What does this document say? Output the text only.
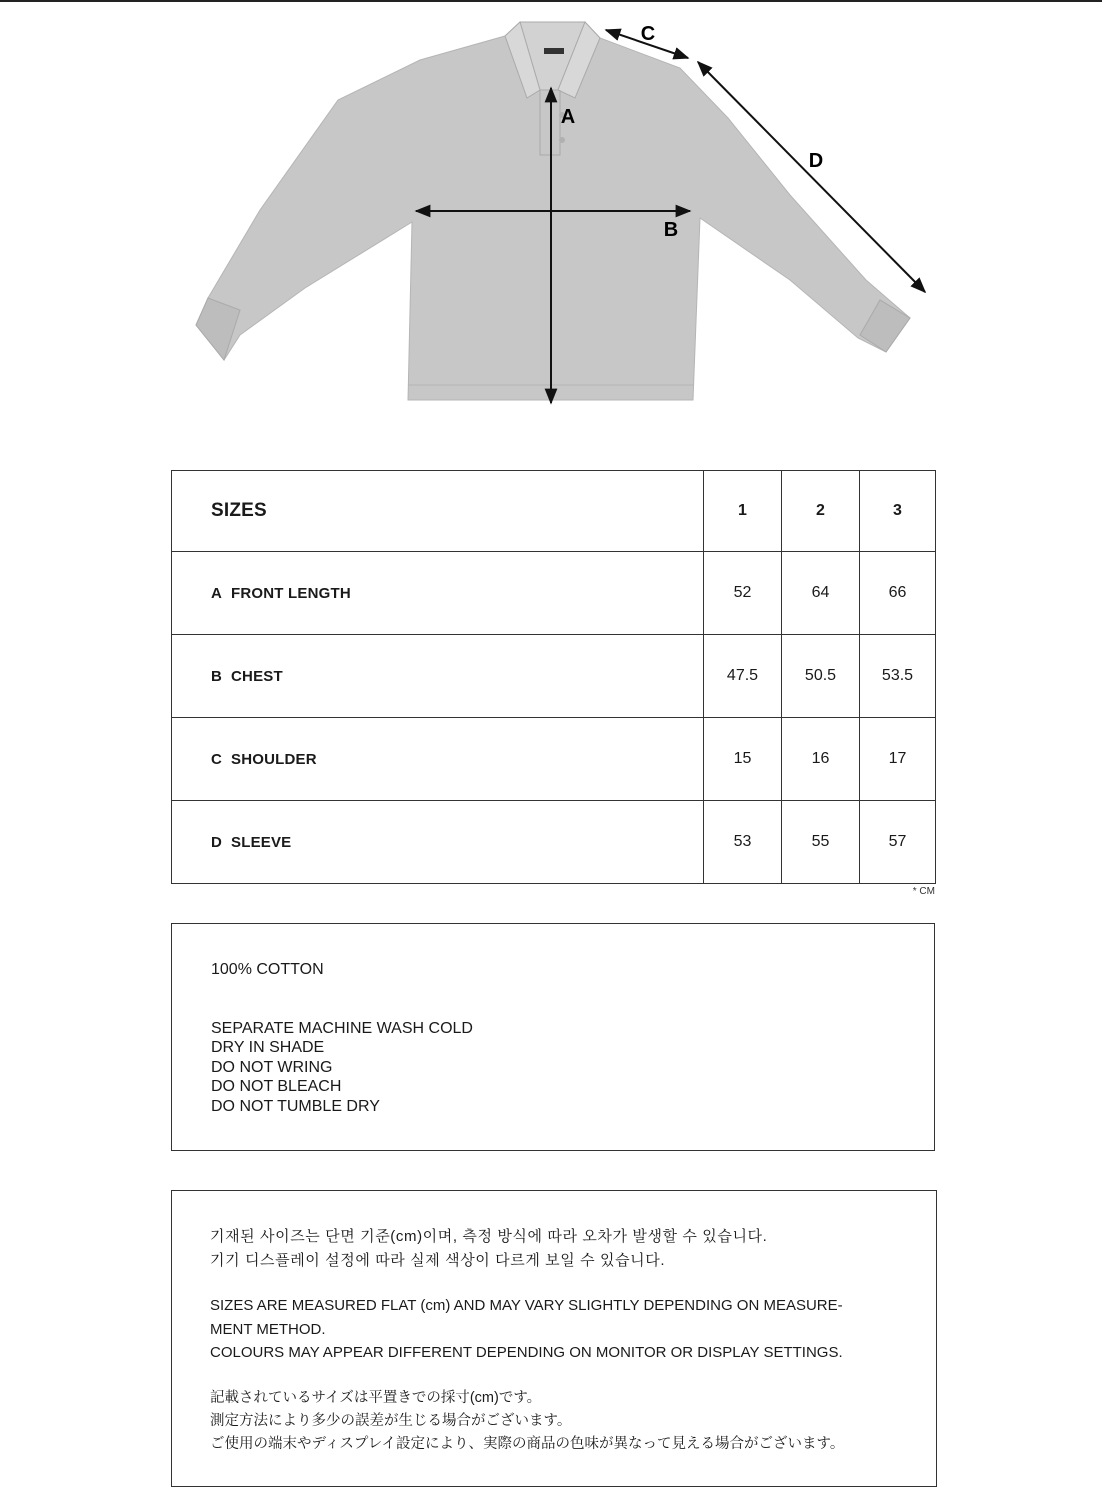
A
B
C
D
SIZES	1	2	3
A FRONT LENGTH	52	64	66
B CHEST	47.5	50.5	53.5
C SHOULDER	15	16	17
D SLEEVE	53	55	57
* CM
100% COTTON
SEPARATE MACHINE WASH COLD
DRY IN SHADE
DO NOT WRING
DO NOT BLEACH
DO NOT TUMBLE DRY

기재된 사이즈는 단면 기준(cm)이며, 측정 방식에 따라 오차가 발생할 수 있습니다.

기기 디스플레이 설정에 따라 실제 색상이 다르게 보일 수 있습니다.

SIZES ARE MEASURED FLAT (cm) AND MAY VARY SLIGHTLY DEPENDING ON MEASURE-
MENT METHOD.
COLOURS MAY APPEAR DIFFERENT DEPENDING ON MONITOR OR DISPLAY SETTINGS.

記載されているサイズは平置きでの採寸(cm)です。
測定方法により多少の誤差が生じる場合がございます。
ご使用の端末やディスプレイ設定により、実際の商品の色味が異なって見える場合がございます。
